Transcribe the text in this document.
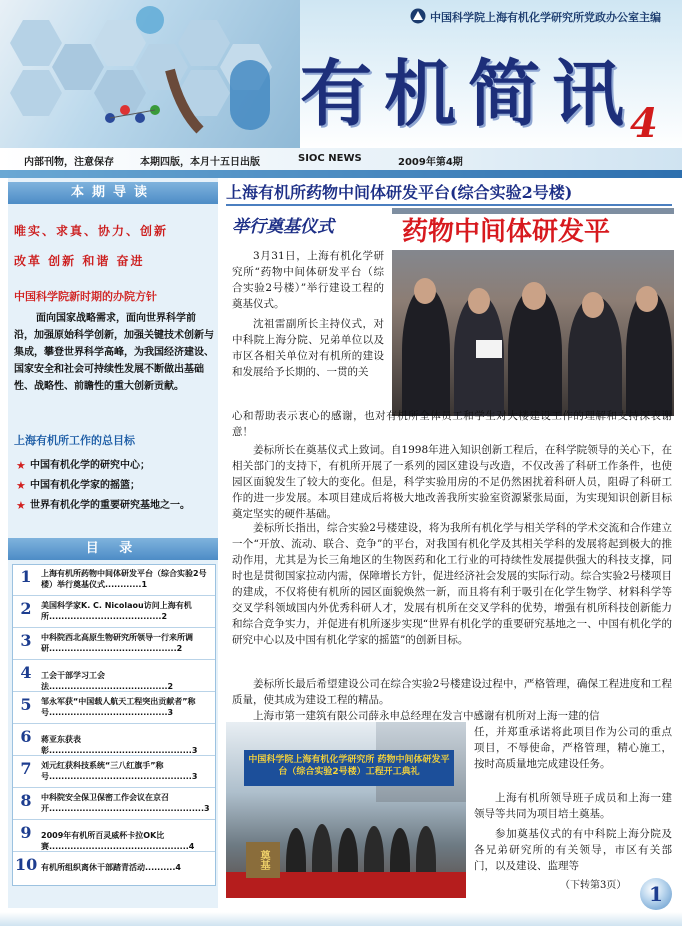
中国科学院上海有机化学研究所党政办公室主编
有机简讯
4
内部刊物，注意保存	本期四版，本月十五日出版	SIOC NEWS	2009年第4期
本期导读
唯实、求真、协力、创新
改革 创新 和谐 奋进
中国科学院新时期的办院方针
面向国家战略需求，面向世界科学前沿，加强原始科学创新，加强关键技术创新与集成，攀登世界科学高峰，为我国经济建设、国家安全和社会可持续性发展不断做出基础性、战略性、前瞻性的重大创新贡献。
上海有机所工作的总目标
★ 中国有机化学的研究中心；
★ 中国有机化学家的摇篮；
★ 世界有机化学的重要研究基地之一。
目 录
1	上海有机所药物中间体研发平台（综合实验2号楼）举行奠基仪式............1
2	美国科学家K. C. Nicolaou访问上海有机所.....................................2
3	中科院西北高原生物研究所领导一行来所调研..........................................2
4	工会干部学习工会法.......................................2
5	邹永军获“中国载人航天工程突出贡献者”称号.......................................3
6	蒋亚东获表彰...............................................3
7	刘元红获科技系统“三八红旗手”称号...............................................3
8	中科院安全保卫保密工作会议在京召开...................................................3
9	2009年有机所百灵威杯卡拉OK比赛..............................................4
10 有机所组织离休干部踏青活动..........4
上海有机所药物中间体研发平台(综合实验2号楼)
举行奠基仪式	药物中间体研发平
3月31日，上海有机化学研究所“药物中间体研发平台（综合实验2号楼）”举行建设工程的奠基仪式。
沈祖雷副所长主持仪式，对中科院上海分院、兄弟单位以及市区各相关单位对有机所的建设和发展给予长期的、一贯的关
心和帮助表示衷心的感谢，也对有机所全体员工和学生对大楼建设工作的理解和支持深表谢意！
姜标所长在奠基仪式上致词。自1998年进入知识创新工程后，在科学院领导的关心下，在相关部门的支持下，有机所开展了一系列的园区建设与改造，不仅改善了科研工作条件，也使园区面貌发生了较大的变化。但是，科学实验用房的不足仍然困扰着科研人员，阻碍了科研工作的进一步发展。本项目建成后将极大地改善我所实验室资源紧张局面，为实现知识创新目标奠定坚实的硬件基础。
姜标所长指出，综合实验2号楼建设，将为我所有机化学与相关学科的学术交流和合作建立一个“开放、流动、联合、竞争”的平台，对我国有机化学及其相关学科的发展将起到极大的推动作用，尤其是为长三角地区的生物医药和化工行业的可持续性发展提供强大的科技支撑，同时也是贯彻国家拉动内需，保障增长方针，促进经济社会发展的实际行动。综合实验2号楼项目的建成，不仅将使有机所的园区面貌焕然一新，而且将有利于吸引在化学生物学、材料科学等交叉学科领域国内外优秀科研人才，发展有机所在交叉学科的优势，增强有机所科技创新能力和综合竞争实力，并促进有机所逐步实现“世界有机化学的重要研究基地之一、中国有机化学的研究中心以及中国有机化学家的摇篮”的创新目标。
姜标所长最后希望建设公司在综合实验2号楼建设过程中，严格管理，确保工程进度和工程质量，使其成为建设工程的精品。
上海市第一建筑有限公司薛永申总经理在发言中感谢有机所对上海一建的信
中国科学院上海有机化学研究所 药物中间体研发平台（综合实验2号楼）工程开工典礼
奠基
任，并郑重承诺将此项目作为公司的重点项目，不辱使命，严格管理，精心施工，按时高质量地完成建设任务。
上海有机所领导班子成员和上海一建领导等共同为项目培土奠基。
参加奠基仪式的有中科院上海分院及各兄弟研究所的有关领导，市区有关部门，以及建设、监理等
（下转第3页）	1
